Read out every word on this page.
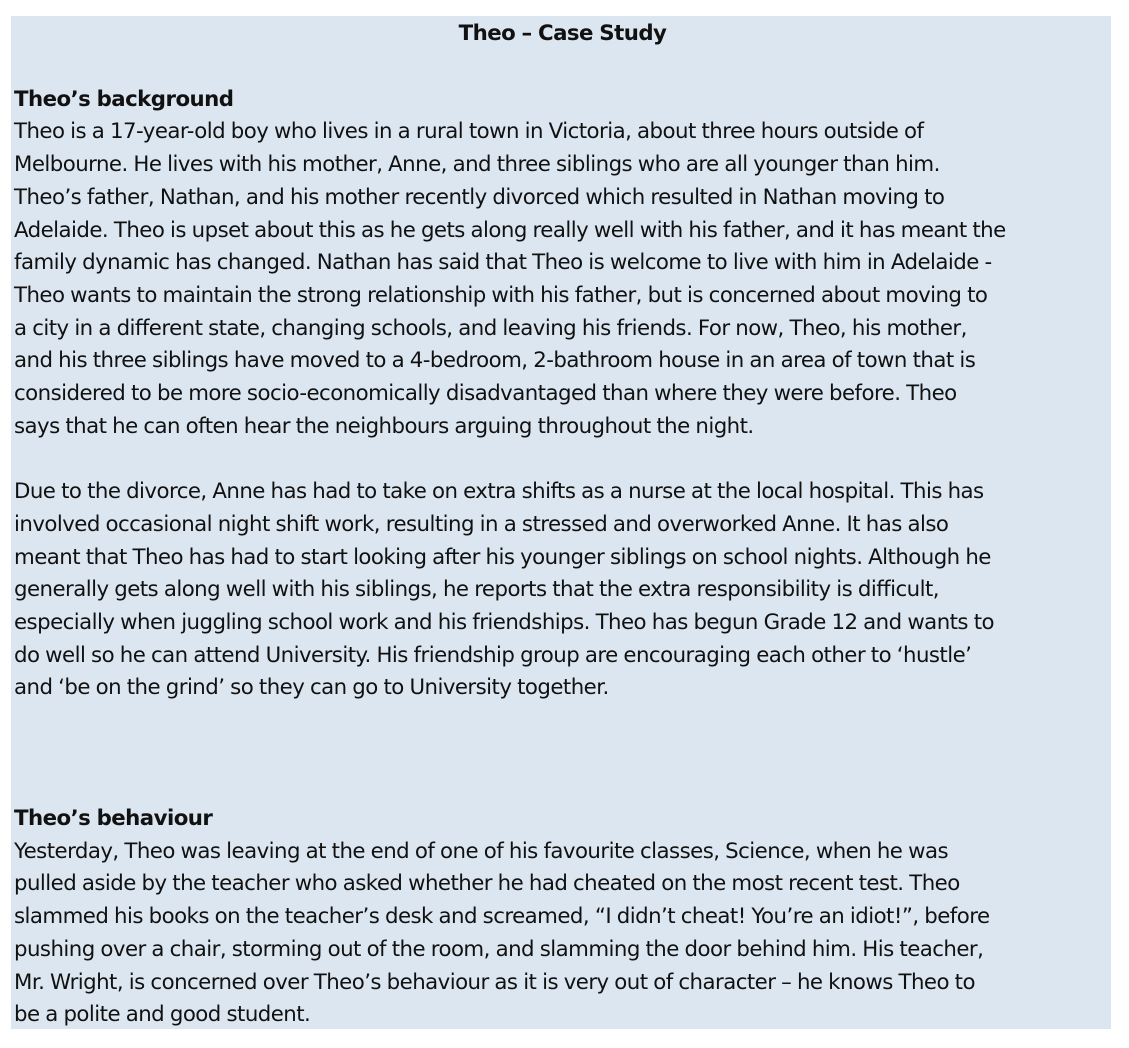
Theo – Case Study

Theo’s background

Theo is a 17-year-old boy who lives in a rural town in Victoria, about three hours outside of
Melbourne. He lives with his mother, Anne, and three siblings who are all younger than him.
Theo’s father, Nathan, and his mother recently divorced which resulted in Nathan moving to
Adelaide. Theo is upset about this as he gets along really well with his father, and it has meant the
family dynamic has changed. Nathan has said that Theo is welcome to live with him in Adelaide -
Theo wants to maintain the strong relationship with his father, but is concerned about moving to
a city in a different state, changing schools, and leaving his friends. For now, Theo, his mother,
and his three siblings have moved to a 4-bedroom, 2-bathroom house in an area of town that is
considered to be more socio-economically disadvantaged than where they were before. Theo
says that he can often hear the neighbours arguing throughout the night.

Due to the divorce, Anne has had to take on extra shifts as a nurse at the local hospital. This has
involved occasional night shift work, resulting in a stressed and overworked Anne. It has also
meant that Theo has had to start looking after his younger siblings on school nights. Although he
generally gets along well with his siblings, he reports that the extra responsibility is difficult,
especially when juggling school work and his friendships. Theo has begun Grade 12 and wants to
do well so he can attend University. His friendship group are encouraging each other to ‘hustle’
and ‘be on the grind’ so they can go to University together.

Theo’s behaviour

Yesterday, Theo was leaving at the end of one of his favourite classes, Science, when he was
pulled aside by the teacher who asked whether he had cheated on the most recent test. Theo
slammed his books on the teacher’s desk and screamed, “I didn’t cheat! You’re an idiot!”, before
pushing over a chair, storming out of the room, and slamming the door behind him. His teacher,
Mr. Wright, is concerned over Theo’s behaviour as it is very out of character – he knows Theo to
be a polite and good student.
